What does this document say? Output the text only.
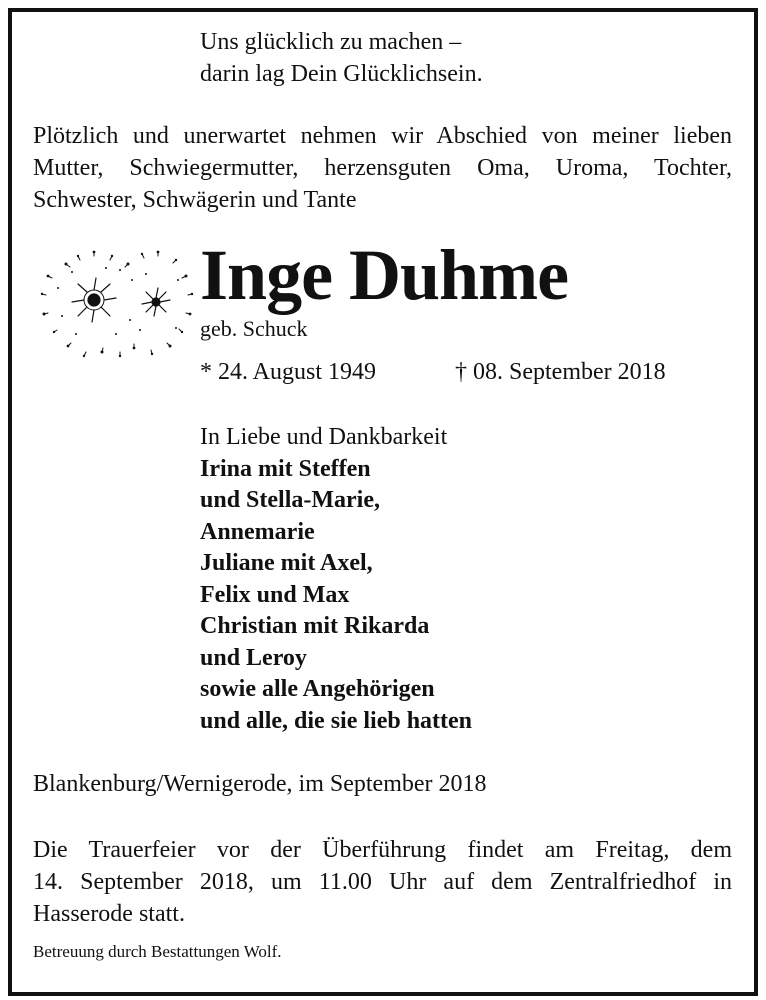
Uns glücklich zu machen –
darin lag Dein Glücklichsein.
Plötzlich und unerwartet nehmen wir Abschied von meiner lieben
Mutter, Schwiegermutter, herzensguten Oma, Uroma, Tochter,
Schwester, Schwägerin und Tante
Inge Duhme
geb. Schuck
* 24. August 1949	† 08. September 2018
In Liebe und Dankbarkeit
Irina mit Steffen
und Stella-Marie,
Annemarie
Juliane mit Axel,
Felix und Max
Christian mit Rikarda
und Leroy
sowie alle Angehörigen
und alle, die sie lieb hatten
Blankenburg/Wernigerode, im September 2018
Die Trauerfeier vor der Überführung findet am Freitag, dem
14. September 2018, um 11.00 Uhr auf dem Zentralfriedhof in
Hasserode statt.
Betreuung durch Bestattungen Wolf.
